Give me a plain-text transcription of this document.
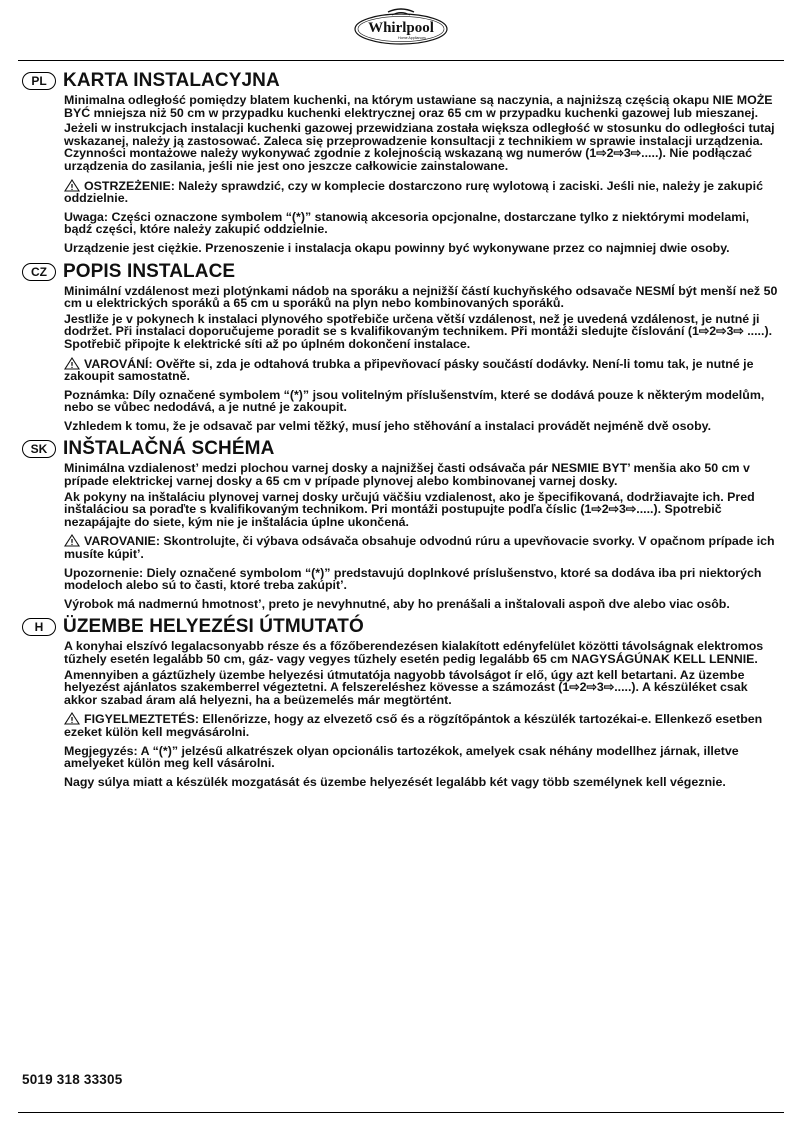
Whirlpool
Home Appliances
PL KARTA INSTALACYJNA

Minimalna odległość pomiędzy blatem kuchenki, na którym ustawiane są naczynia, a najniższą częścią okapu NIE MOŻE BYĆ mniejsza niż 50 cm w przypadku kuchenki elektrycznej oraz 65 cm w przypadku kuchenki gazowej lub mieszanej.

Jeżeli w instrukcjach instalacji kuchenki gazowej przewidziana została większa odległość w stosunku do odległości tutaj wskazanej, należy ją zastosować. Zaleca się przeprowadzenie konsultacji z technikiem w sprawie instalacji urządzenia. Czynności montażowe należy wykonywać zgodnie z kolejnością wskazaną wg numerów (1⇨2⇨3⇨.....). Nie podłączać urządzenia do zasilania, jeśli nie jest ono jeszcze całkowicie zainstalowane.

OSTRZEŻENIE: Należy sprawdzić, czy w komplecie dostarczono rurę wylotową i zaciski. Jeśli nie, należy je zakupić oddzielnie.

Uwaga: Części oznaczone symbolem “(*)” stanowią akcesoria opcjonalne, dostarczane tylko z niektórymi modelami, bądź części, które należy zakupić oddzielnie.

Urządzenie jest ciężkie. Przenoszenie i instalacja okapu powinny być wykonywane przez co najmniej dwie osoby.

CZ POPIS INSTALACE

Minimální vzdálenost mezi plotýnkami nádob na sporáku a nejnižší částí kuchyňského odsavače NESMÍ být menší než 50 cm u elektrických sporáků a 65 cm u sporáků na plyn nebo kombinovaných sporáků.

Jestliže je v pokynech k instalaci plynového spotřebiče určena větší vzdálenost, než je uvedená vzdálenost, je nutné ji dodržet. Při instalaci doporučujeme poradit se s kvalifikovaným technikem. Při montáži sledujte číslování (1⇨2⇨3⇨ .....). Spotřebič připojte k elektrické síti až po úplném dokončení instalace.

VAROVÁNÍ: Ověřte si, zda je odtahová trubka a připevňovací pásky součástí dodávky. Není-li tomu tak, je nutné je zakoupit samostatně.

Poznámka: Díly označené symbolem “(*)” jsou volitelným příslušenstvím, které se dodává pouze k některým modelům, nebo se vůbec nedodává, a je nutné je zakoupit.

Vzhledem k tomu, že je odsavač par velmi těžký, musí jeho stěhování a instalaci provádět nejméně dvě osoby.

SK INŠTALAČNÁ SCHÉMA

Minimálna vzdialenost’ medzi plochou varnej dosky a najnižšej časti odsávača pár NESMIE BYT’ menšia ako 50 cm v prípade elektrickej varnej dosky a 65 cm v prípade plynovej alebo kombinovanej varnej dosky.

Ak pokyny na inštaláciu plynovej varnej dosky určujú väčšiu vzdialenost, ako je špecifikovaná, dodržiavajte ich. Pred inštaláciou sa poraďte s kvalifikovaným technikom. Pri montáži postupujte podľa číslic (1⇨2⇨3⇨.....). Spotrebič nezapájajte do siete, kým nie je inštalácia úplne ukončená.

VAROVANIE: Skontrolujte, či výbava odsávača obsahuje odvodnú rúru a upevňovacie svorky. V opačnom prípade ich musíte kúpit’.

Upozornenie: Diely označené symbolom “(*)” predstavujú doplnkové príslušenstvo, ktoré sa dodáva iba pri niektorých modeloch alebo sú to časti, ktoré treba zakúpit’.

Výrobok má nadmernú hmotnost’, preto je nevyhnutné, aby ho prenášali a inštalovali aspoň dve alebo viac osôb.

H	ÜZEMBE HELYEZÉSI ÚTMUTATÓ

A konyhai elszívó legalacsonyabb része és a főzőberendezésen kialakított edényfelület közötti távolságnak elektromos tűzhely esetén legalább 50 cm, gáz- vagy vegyes tűzhely esetén pedig legalább 65 cm NAGYSÁGÚNAK KELL LENNIE.

Amennyiben a gáztűzhely üzembe helyezési útmutatója nagyobb távolságot ír elő, úgy azt kell betartani. Az üzembe helyezést ajánlatos szakemberrel végeztetni. A felszereléshez kövesse a számozást (1⇨2⇨3⇨.....). A készüléket csak akkor szabad áram alá helyezni, ha a beüzemelés már megtörtént.

FIGYELMEZTETÉS: Ellenőrizze, hogy az elvezető cső és a rögzítőpántok a készülék tartozékai-e. Ellenkező esetben ezeket külön kell megvásárolni.

Megjegyzés: A “(*)” jelzésű alkatrészek olyan opcionális tartozékok, amelyek csak néhány modellhez járnak, illetve amelyeket külön meg kell vásárolni.

Nagy súlya miatt a készülék mozgatását és üzembe helyezését legalább két vagy több személynek kell végeznie.

5019 318 33305
